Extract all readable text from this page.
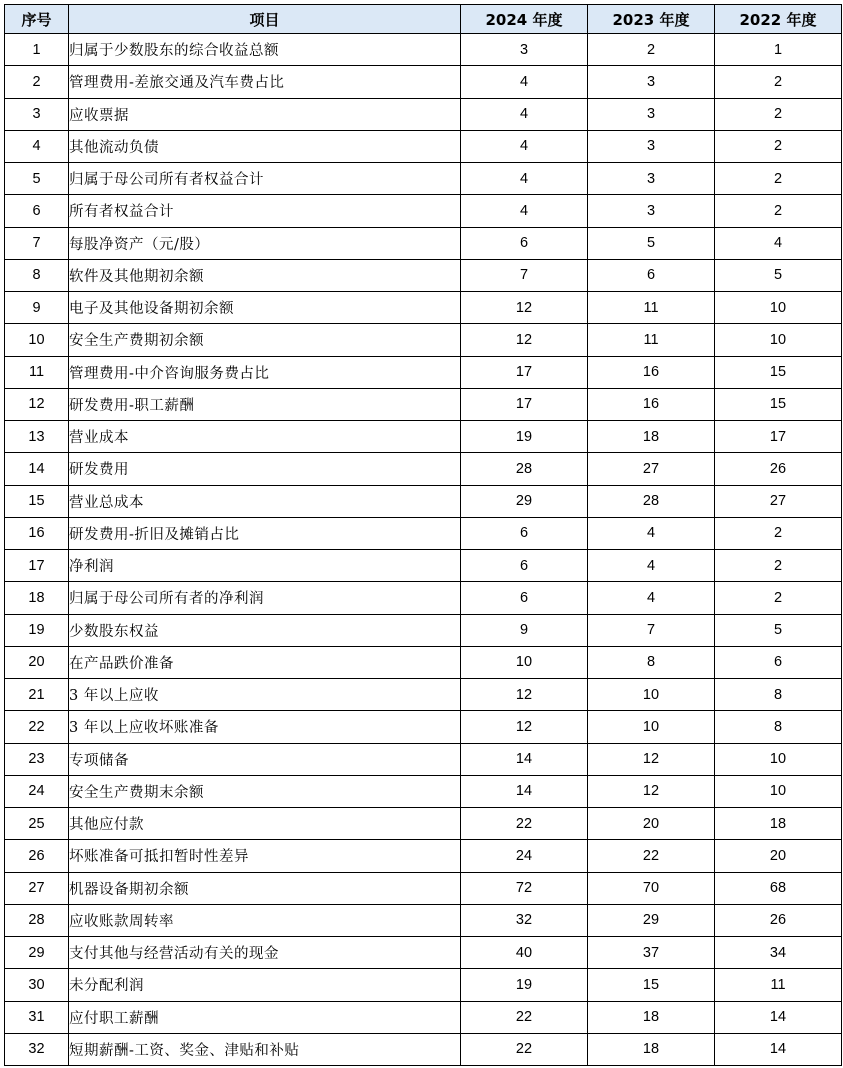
序号	项目	2024 年度	2023 年度	2022 年度
1	归属于少数股东的综合收益总额	3	2	1
2	管理费用-差旅交通及汽车费占比	4	3	2
3	应收票据	4	3	2
4	其他流动负债	4	3	2
5	归属于母公司所有者权益合计	4	3	2
6	所有者权益合计	4	3	2
7	每股净资产（元/股）	6	5	4
8	软件及其他期初余额	7	6	5
9	电子及其他设备期初余额	12	11	10
10	安全生产费期初余额	12	11	10
11	管理费用-中介咨询服务费占比	17	16	15
12	研发费用-职工薪酬	17	16	15
13	营业成本	19	18	17
14	研发费用	28	27	26
15	营业总成本	29	28	27
16	研发费用-折旧及摊销占比	6	4	2
17	净利润	6	4	2
18	归属于母公司所有者的净利润	6	4	2
19	少数股东权益	9	7	5
20	在产品跌价准备	10	8	6
21	3 年以上应收	12	10	8
22	3 年以上应收坏账准备	12	10	8
23	专项储备	14	12	10
24	安全生产费期末余额	14	12	10
25	其他应付款	22	20	18
26	坏账准备可抵扣暂时性差异	24	22	20
27	机器设备期初余额	72	70	68
28	应收账款周转率	32	29	26
29	支付其他与经营活动有关的现金	40	37	34
30	未分配利润	19	15	11
31	应付职工薪酬	22	18	14
32	短期薪酬-工资、奖金、津贴和补贴	22	18	14
